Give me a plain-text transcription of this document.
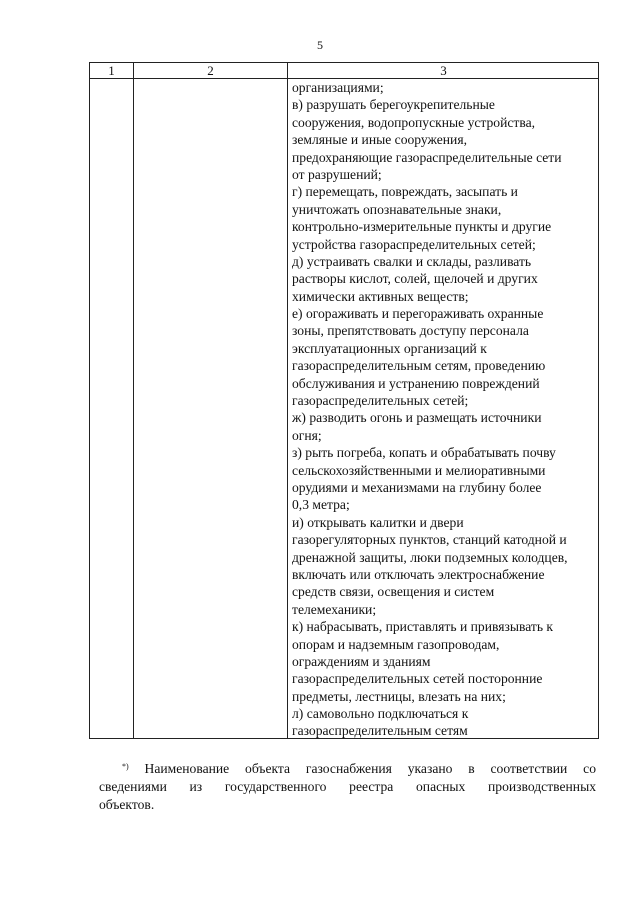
5
1	2	3
организациями;
в) разрушать берегоукрепительные
сооружения, водопропускные устройства,
земляные и иные сооружения,
предохраняющие газораспределительные сети
от разрушений;
г) перемещать, повреждать, засыпать и
уничтожать опознавательные знаки,
контрольно-измерительные пункты и другие
устройства газораспределительных сетей;
д) устраивать свалки и склады, разливать
растворы кислот, солей, щелочей и других
химически активных веществ;
е) огораживать и перегораживать охранные
зоны, препятствовать доступу персонала
эксплуатационных организаций к
газораспределительным сетям, проведению
обслуживания и устранению повреждений
газораспределительных сетей;
ж) разводить огонь и размещать источники
огня;
з) рыть погреба, копать и обрабатывать почву
сельскохозяйственными и мелиоративными
орудиями и механизмами на глубину более
0,3 метра;
и) открывать калитки и двери
газорегуляторных пунктов, станций катодной и
дренажной защиты, люки подземных колодцев,
включать или отключать электроснабжение
средств связи, освещения и систем
телемеханики;
к) набрасывать, приставлять и привязывать к
опорам и надземным газопроводам,
ограждениям и зданиям
газораспределительных сетей посторонние
предметы, лестницы, влезать на них;
л) самовольно подключаться к
газораспределительным сетям
*) Наименование объекта газоснабжения указано в соответствии со
сведениями из государственного реестра опасных производственных
объектов.
